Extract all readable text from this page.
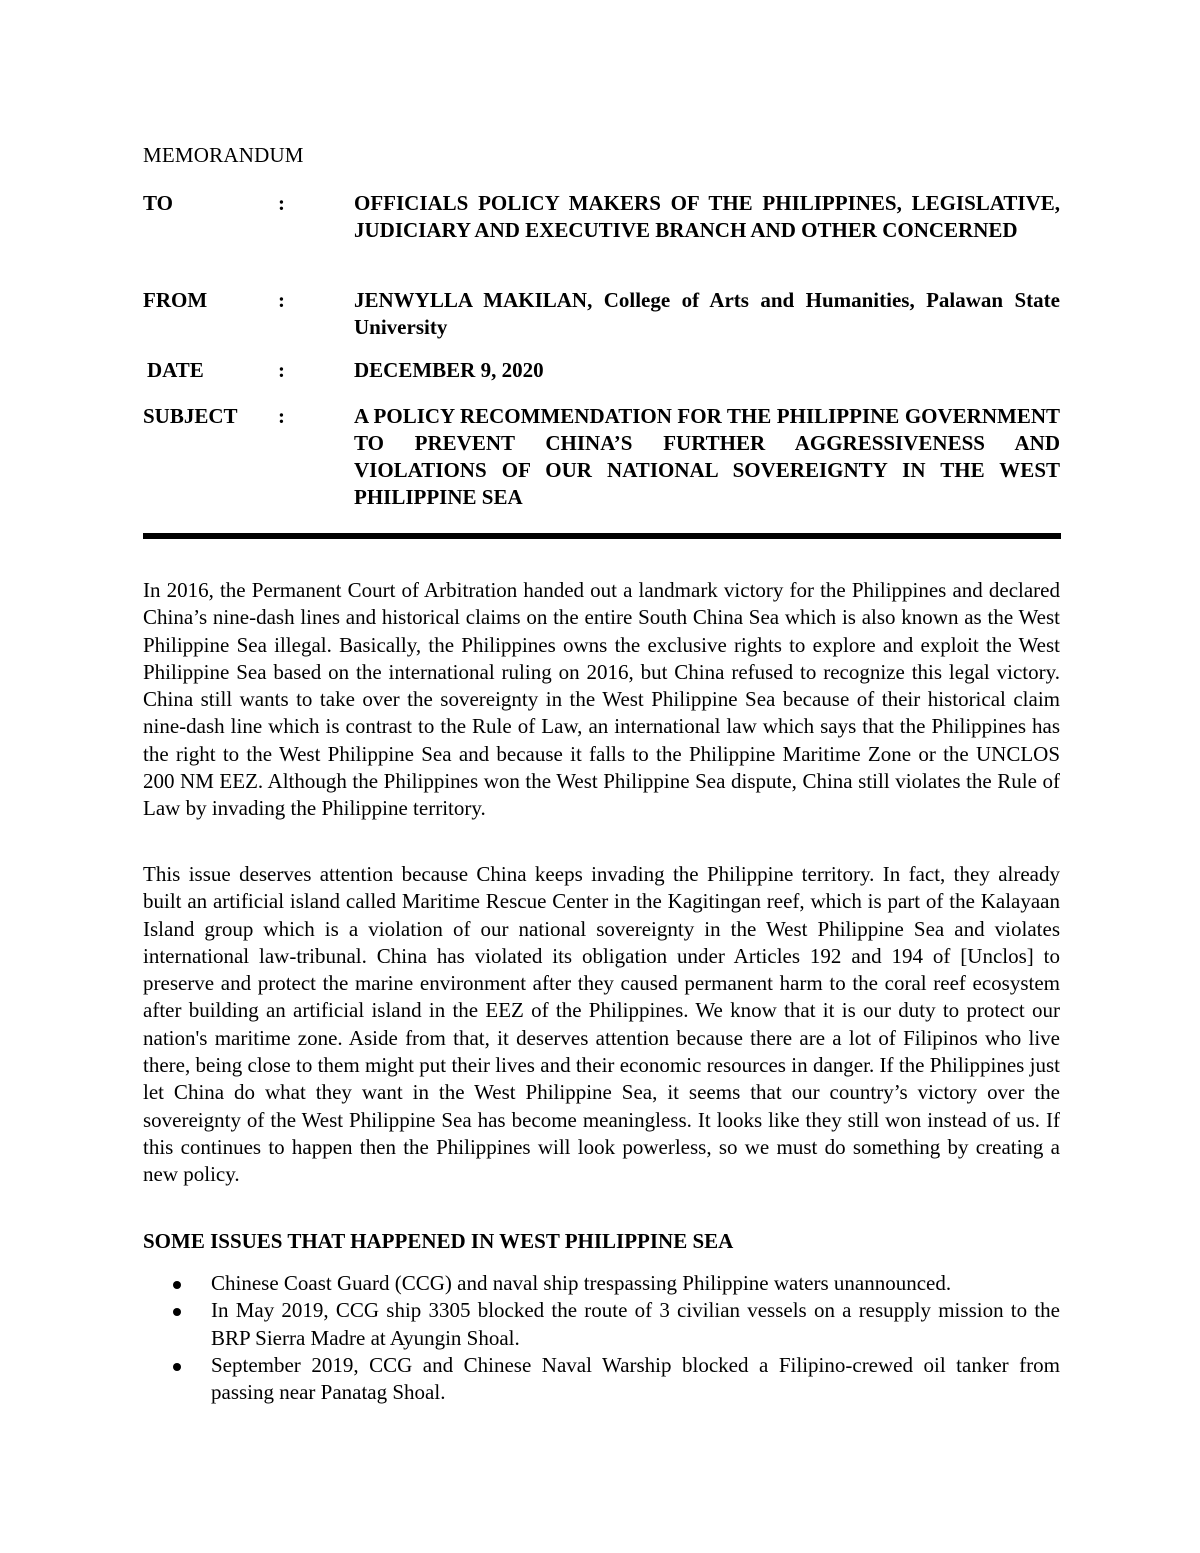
MEMORANDUM
TO	:	OFFICIALS POLICY MAKERS OF THE PHILIPPINES, LEGISLATIVE, JUDICIARY AND EXECUTIVE BRANCH AND OTHER CONCERNED
FROM	:	JENWYLLA MAKILAN, College of Arts and Humanities, Palawan State University
DATE	:	DECEMBER 9, 2020
SUBJECT	:	A POLICY RECOMMENDATION FOR THE PHILIPPINE GOVERNMENT TO PREVENT CHINA’S FURTHER AGGRESSIVENESS AND VIOLATIONS OF OUR NATIONAL SOVEREIGNTY IN THE WEST PHILIPPINE SEA

In 2016, the Permanent Court of Arbitration handed out a landmark victory for the Philippines and declared China’s nine-dash lines and historical claims on the entire South China Sea which is also known as the West Philippine Sea illegal. Basically, the Philippines owns the exclusive rights to explore and exploit the West Philippine Sea based on the international ruling on 2016, but China refused to recognize this legal victory. China still wants to take over the sovereignty in the West Philippine Sea because of their historical claim nine-dash line which is contrast to the Rule of Law, an international law which says that the Philippines has the right to the West Philippine Sea and because it falls to the Philippine Maritime Zone or the UNCLOS 200 NM EEZ. Although the Philippines won the West Philippine Sea dispute, China still violates the Rule of Law by invading the Philippine territory.

This issue deserves attention because China keeps invading the Philippine territory. In fact, they already built an artificial island called Maritime Rescue Center in the Kagitingan reef, which is part of the Kalayaan Island group which is a violation of our national sovereignty in the West Philippine Sea and violates international law-tribunal. China has violated its obligation under Articles 192 and 194 of [Unclos] to preserve and protect the marine environment after they caused permanent harm to the coral reef ecosystem after building an artificial island in the EEZ of the Philippines. We know that it is our duty to protect our nation's maritime zone. Aside from that, it deserves attention because there are a lot of Filipinos who live there, being close to them might put their lives and their economic resources in danger. If the Philippines just let China do what they want in the West Philippine Sea, it seems that our country’s victory over the sovereignty of the West Philippine Sea has become meaningless. It looks like they still won instead of us. If this continues to happen then the Philippines will look powerless, so we must do something by creating a new policy.

SOME ISSUES THAT HAPPENED IN WEST PHILIPPINE SEA
Chinese Coast Guard (CCG) and naval ship trespassing Philippine waters unannounced.
In May 2019, CCG ship 3305 blocked the route of 3 civilian vessels on a resupply mission to the BRP Sierra Madre at Ayungin Shoal.
September 2019, CCG and Chinese Naval Warship blocked a Filipino-crewed oil tanker from passing near Panatag Shoal.
